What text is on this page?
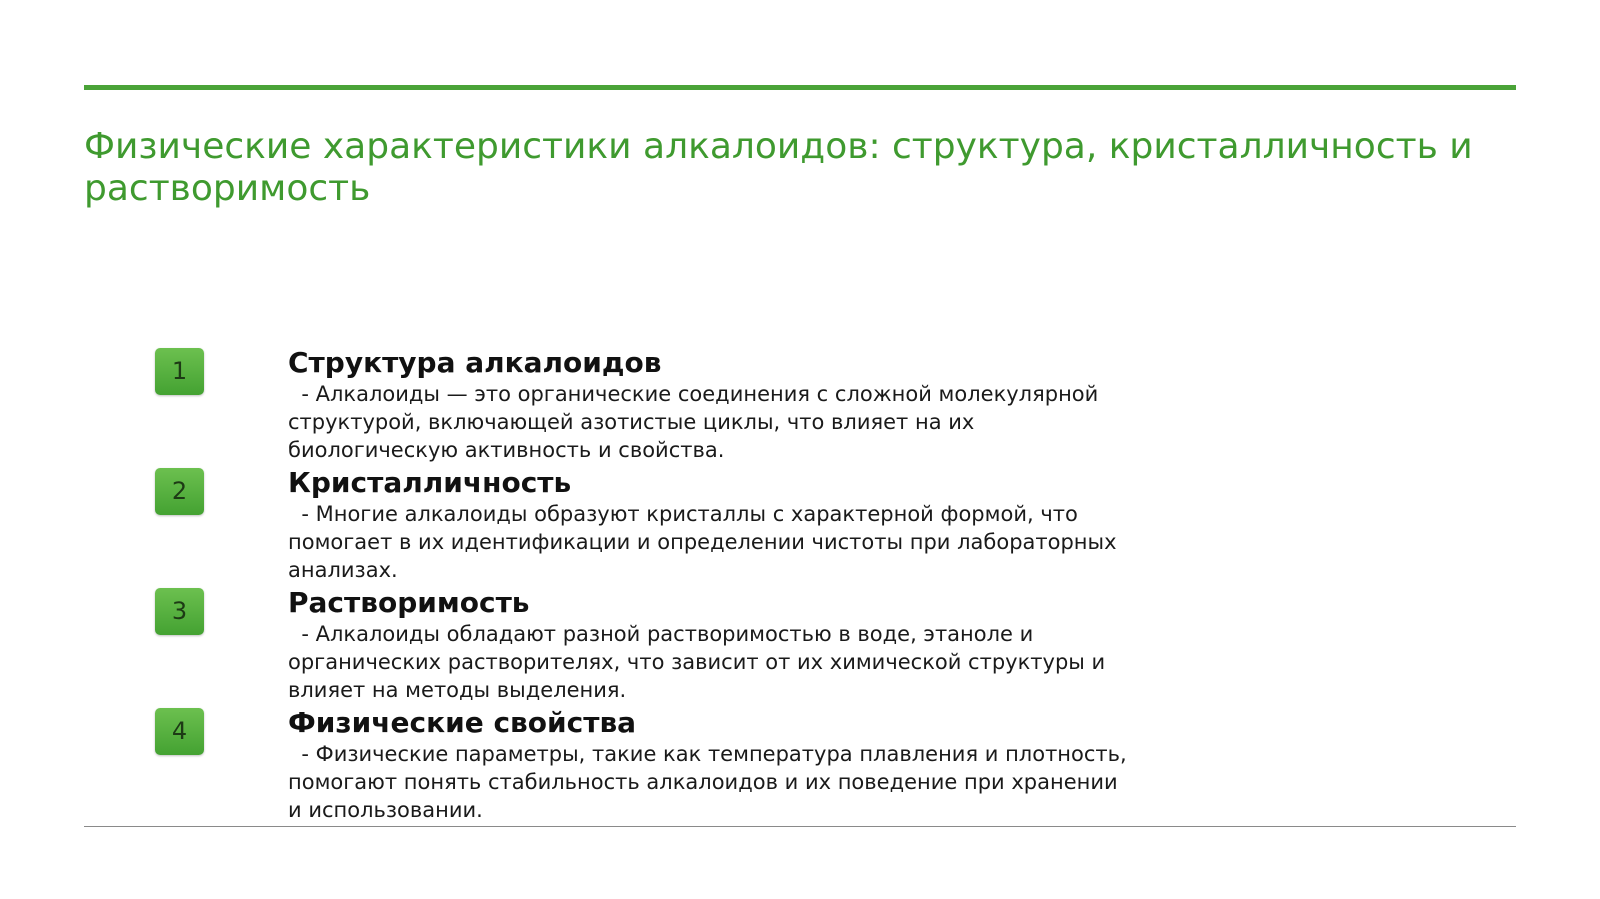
Физические характеристики алкалоидов: структура, кристалличность и растворимость
1	Структура алкалоидов

- Алкалоиды — это органические соединения с сложной молекулярной структурой, включающей азотистые циклы, что влияет на их биологическую активность и свойства.

2	Кристалличность

- Многие алкалоиды образуют кристаллы с характерной формой, что помогает в их идентификации и определении чистоты при лабораторных анализах.

3	Растворимость

- Алкалоиды обладают разной растворимостью в воде, этаноле и органических растворителях, что зависит от их химической структуры и влияет на методы выделения.

4	Физические свойства

- Физические параметры, такие как температура плавления и плотность, помогают понять стабильность алкалоидов и их поведение при хранении и использовании.
